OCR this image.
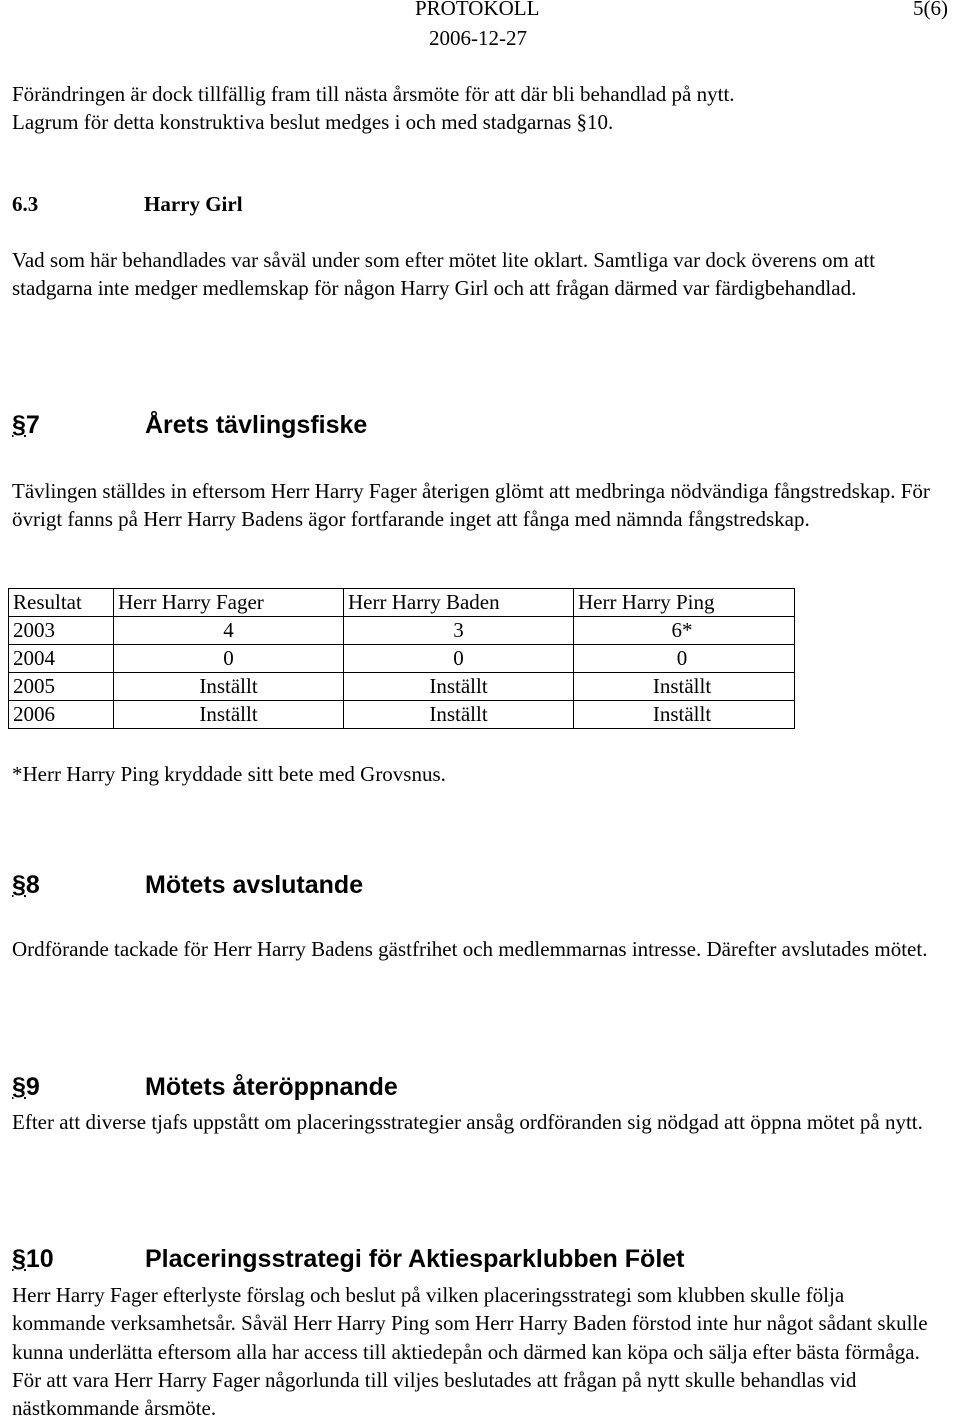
PROTOKOLL
2006-12-27
5(6)

Förändringen är dock tillfällig fram till nästa årsmöte för att där bli behandlad på nytt.
Lagrum för detta konstruktiva beslut medges i och med stadgarnas §10.

6.3	Harry Girl

Vad som här behandlades var såväl under som efter mötet lite oklart. Samtliga var dock överens om att stadgarna inte medger medlemskap för någon Harry Girl och att frågan därmed var färdigbehandlad.

§7	Årets tävlingsfiske

Tävlingen ställdes in eftersom Herr Harry Fager återigen glömt att medbringa nödvändiga fångstredskap. För övrigt fanns på Herr Harry Badens ägor fortfarande inget att fånga med nämnda fångstredskap.

Resultat	Herr Harry Fager	Herr Harry Baden	Herr Harry Ping
2003	4	3	6*
2004	0	0	0
2005	Inställt	Inställt	Inställt
2006	Inställt	Inställt	Inställt

*Herr Harry Ping kryddade sitt bete med Grovsnus.

§8	Mötets avslutande

Ordförande tackade för Herr Harry Badens gästfrihet och medlemmarnas intresse. Därefter avslutades mötet.

§9	Mötets återöppnande

Efter att diverse tjafs uppstått om placeringsstrategier ansåg ordföranden sig nödgad att öppna mötet på nytt.

§10	Placeringsstrategi för Aktiesparklubben Fölet

Herr Harry Fager efterlyste förslag och beslut på vilken placeringsstrategi som klubben skulle följa kommande verksamhetsår. Såväl Herr Harry Ping som Herr Harry Baden förstod inte hur något sådant skulle kunna underlätta eftersom alla har access till aktiedepån och därmed kan köpa och sälja efter bästa förmåga. För att vara Herr Harry Fager någorlunda till viljes beslutades att frågan på nytt skulle behandlas vid nästkommande årsmöte.
